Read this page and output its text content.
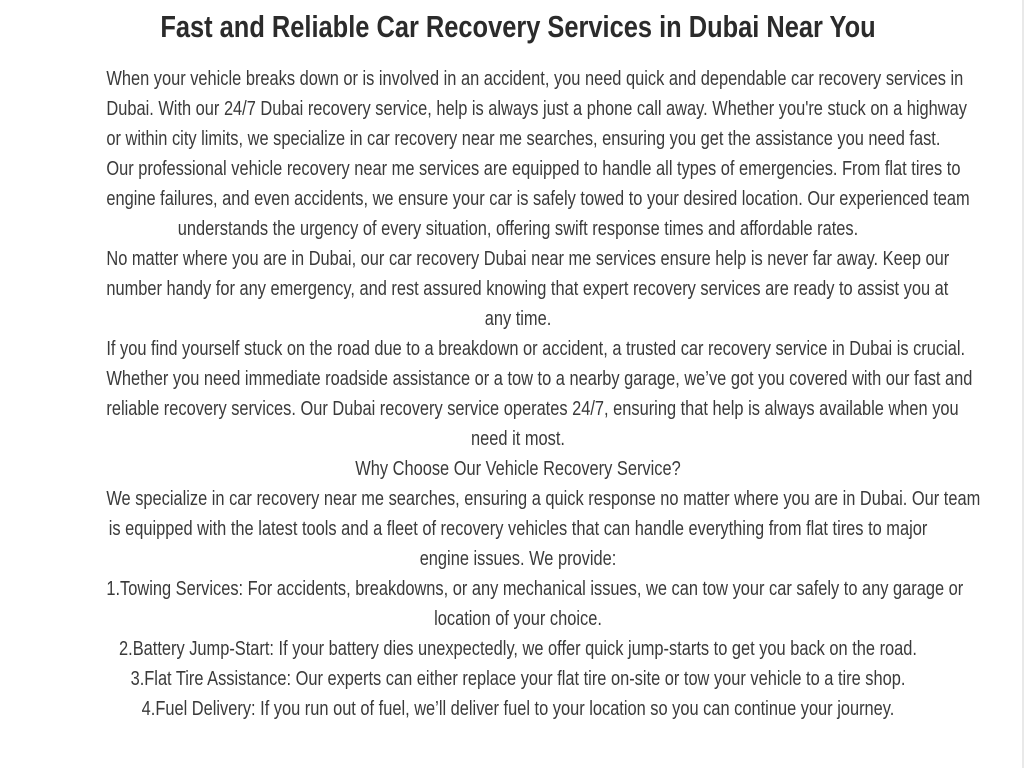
Fast and Reliable Car Recovery Services in Dubai Near You

When your vehicle breaks down or is involved in an accident, you need quick and dependable car recovery services in

Dubai. With our 24/7 Dubai recovery service, help is always just a phone call away. Whether you're stuck on a highway

or within city limits, we specialize in car recovery near me searches, ensuring you get the assistance you need fast.

Our professional vehicle recovery near me services are equipped to handle all types of emergencies. From flat tires to

engine failures, and even accidents, we ensure your car is safely towed to your desired location. Our experienced team

understands the urgency of every situation, offering swift response times and affordable rates.

No matter where you are in Dubai, our car recovery Dubai near me services ensure help is never far away. Keep our

number handy for any emergency, and rest assured knowing that expert recovery services are ready to assist you at

any time.

If you find yourself stuck on the road due to a breakdown or accident, a trusted car recovery service in Dubai is crucial.

Whether you need immediate roadside assistance or a tow to a nearby garage, we’ve got you covered with our fast and

reliable recovery services. Our Dubai recovery service operates 24/7, ensuring that help is always available when you

need it most.

Why Choose Our Vehicle Recovery Service?

We specialize in car recovery near me searches, ensuring a quick response no matter where you are in Dubai. Our team

is equipped with the latest tools and a fleet of recovery vehicles that can handle everything from flat tires to major

engine issues. We provide:

1.Towing Services: For accidents, breakdowns, or any mechanical issues, we can tow your car safely to any garage or

location of your choice.

2.Battery Jump-Start: If your battery dies unexpectedly, we offer quick jump-starts to get you back on the road.

3.Flat Tire Assistance: Our experts can either replace your flat tire on-site or tow your vehicle to a tire shop.

4.Fuel Delivery: If you run out of fuel, we’ll deliver fuel to your location so you can continue your journey.
